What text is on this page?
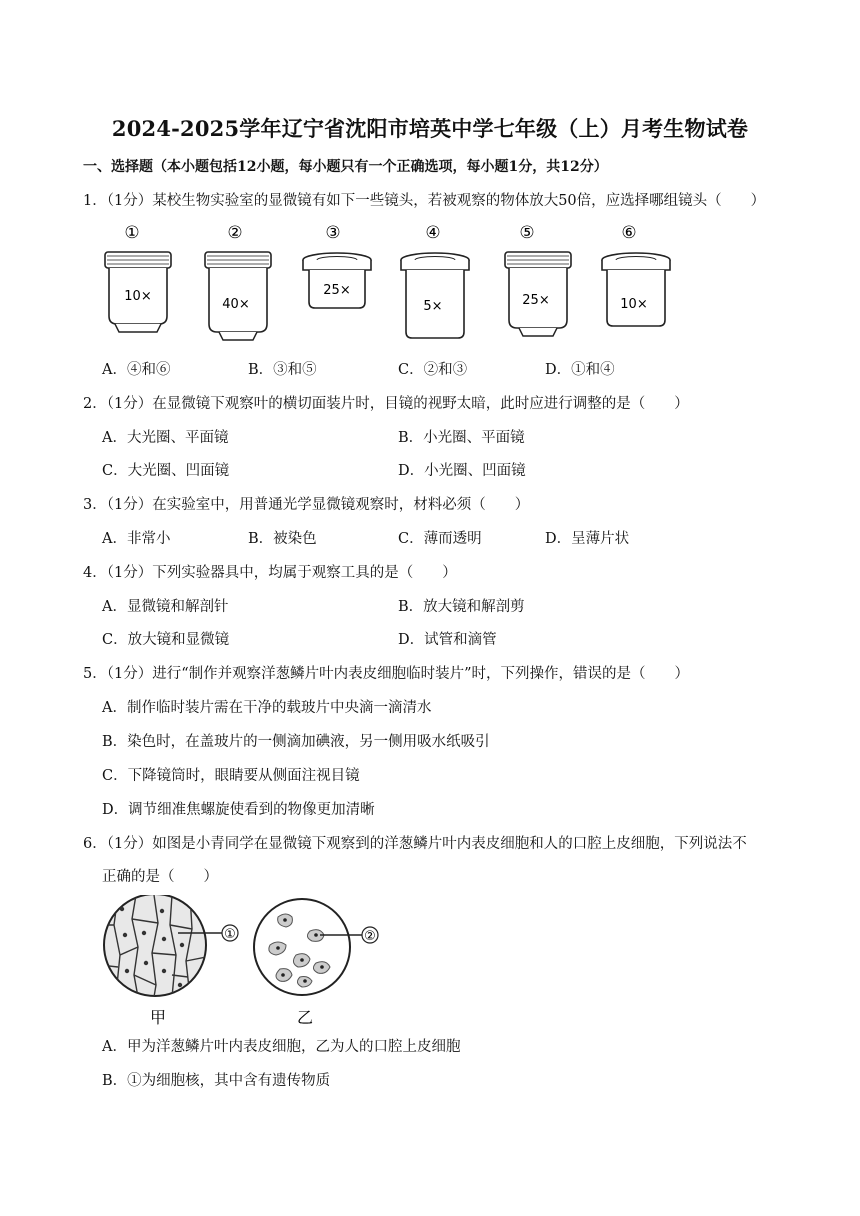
2024-2025学年辽宁省沈阳市培英中学七年级（上）月考生物试卷
一、选择题（本小题包括12小题，每小题只有一个正确选项，每小题1分，共12分）
1．（1分）某校生物实验室的显微镜有如下一些镜头，若被观察的物体放大50倍，应选择哪组镜头（　　）
①
10×
②
40×
③
25×
④
5×
⑤
25×
⑥
10×
A．④和⑥	B．③和⑤	C．②和③	D．①和④
2．（1分）在显微镜下观察叶的横切面装片时，目镜的视野太暗，此时应进行调整的是（　　）
A．大光圈、平面镜	B．小光圈、平面镜
C．大光圈、凹面镜	D．小光圈、凹面镜
3．（1分）在实验室中，用普通光学显微镜观察时，材料必须（　　）
A．非常小	B．被染色	C．薄而透明	D．呈薄片状
4．（1分）下列实验器具中，均属于观察工具的是（　　）
A．显微镜和解剖针	B．放大镜和解剖剪
C．放大镜和显微镜	D．试管和滴管
5．（1分）进行“制作并观察洋葱鳞片叶内表皮细胞临时装片”时，下列操作，错误的是（　　）
A．制作临时装片需在干净的载玻片中央滴一滴清水
B．染色时，在盖玻片的一侧滴加碘液，另一侧用吸水纸吸引
C．下降镜筒时，眼睛要从侧面注视目镜
D．调节细准焦螺旋使看到的物像更加清晰
6．（1分）如图是小青同学在显微镜下观察到的洋葱鳞片叶内表皮细胞和人的口腔上皮细胞，下列说法不
正确的是（　　）
①
甲
②
乙
A．甲为洋葱鳞片叶内表皮细胞，乙为人的口腔上皮细胞
B．①为细胞核，其中含有遗传物质
